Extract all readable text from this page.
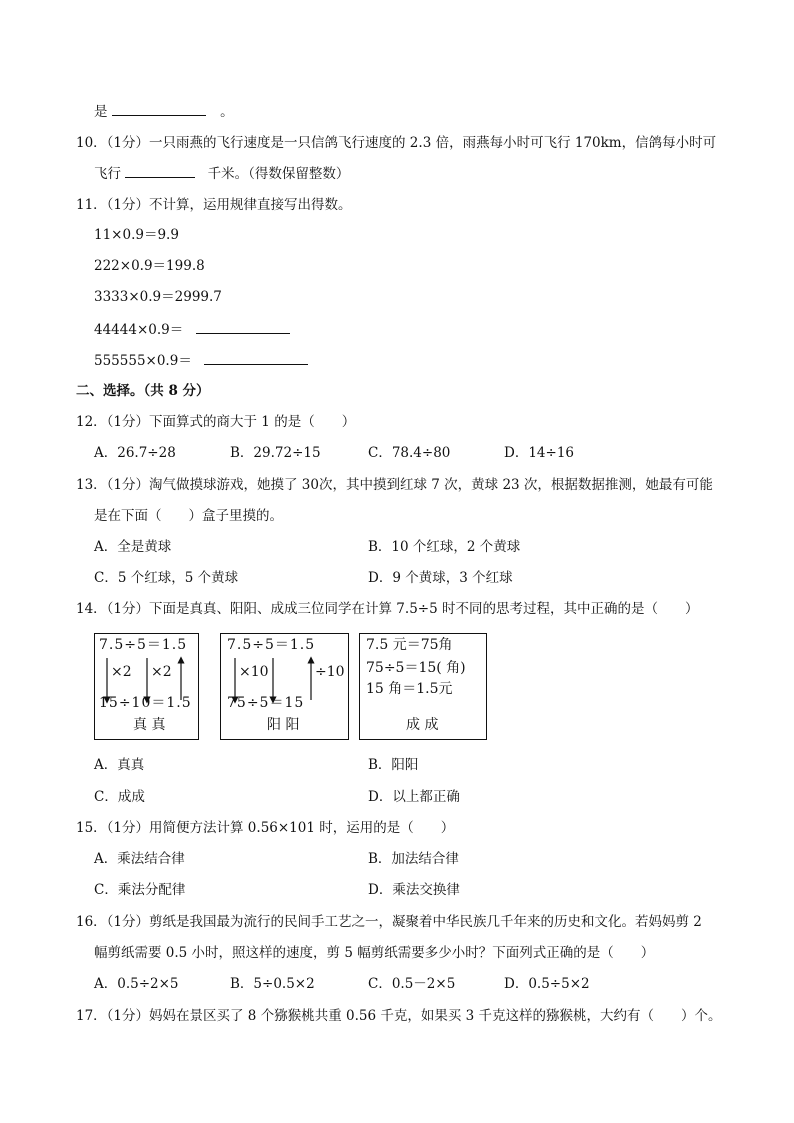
是	。
10．（1分）一只雨燕的飞行速度是一只信鸽飞行速度的 2.3 倍，雨燕每小时可飞行 170km，信鸽每小时可
飞行	千米。（得数保留整数）
11．（1分）不计算，运用规律直接写出得数。
11×0.9＝9.9
222×0.9＝199.8
3333×0.9＝2999.7
44444×0.9＝
555555×0.9＝
二、选择。（共 8 分）
12．（1分）下面算式的商大于 1 的是（　　）
A．26.7÷28	B．29.72÷15	C．78.4÷80	D．14÷16
13．（1分）淘气做摸球游戏，她摸了 30次，其中摸到红球 7 次，黄球 23 次，根据数据推测，她最有可能
是在下面（　　）盒子里摸的。
A．全是黄球	B．10 个红球，2 个黄球
C．5 个红球，5 个黄球	D．9 个黄球，3 个红球
14．（1分）下面是真真、阳阳、成成三位同学在计算 7.5÷5 时不同的思考过程，其中正确的是（　　）
7.5÷5＝1.5
×2 ×2
15÷10＝1.5
真 真
7.5÷5＝1.5
×10	÷10
75÷5＝15
阳 阳
7.5 元＝75角
75÷5＝15( 角)
15 角＝1.5元
成 成
A．真真	B．阳阳
C．成成	D．以上都正确
15．（1分）用简便方法计算 0.56×101 时，运用的是（　　）
A．乘法结合律	B．加法结合律
C．乘法分配律	D．乘法交换律
16．（1分）剪纸是我国最为流行的民间手工艺之一，凝聚着中华民族几千年来的历史和文化。若妈妈剪 2
幅剪纸需要 0.5 小时，照这样的速度，剪 5 幅剪纸需要多少小时？下面列式正确的是（　　）
A．0.5÷2×5	B．5÷0.5×2	C．0.5－2×5	D．0.5÷5×2
17．（1分）妈妈在景区买了 8 个猕猴桃共重 0.56 千克，如果买 3 千克这样的猕猴桃，大约有（　　）个。
